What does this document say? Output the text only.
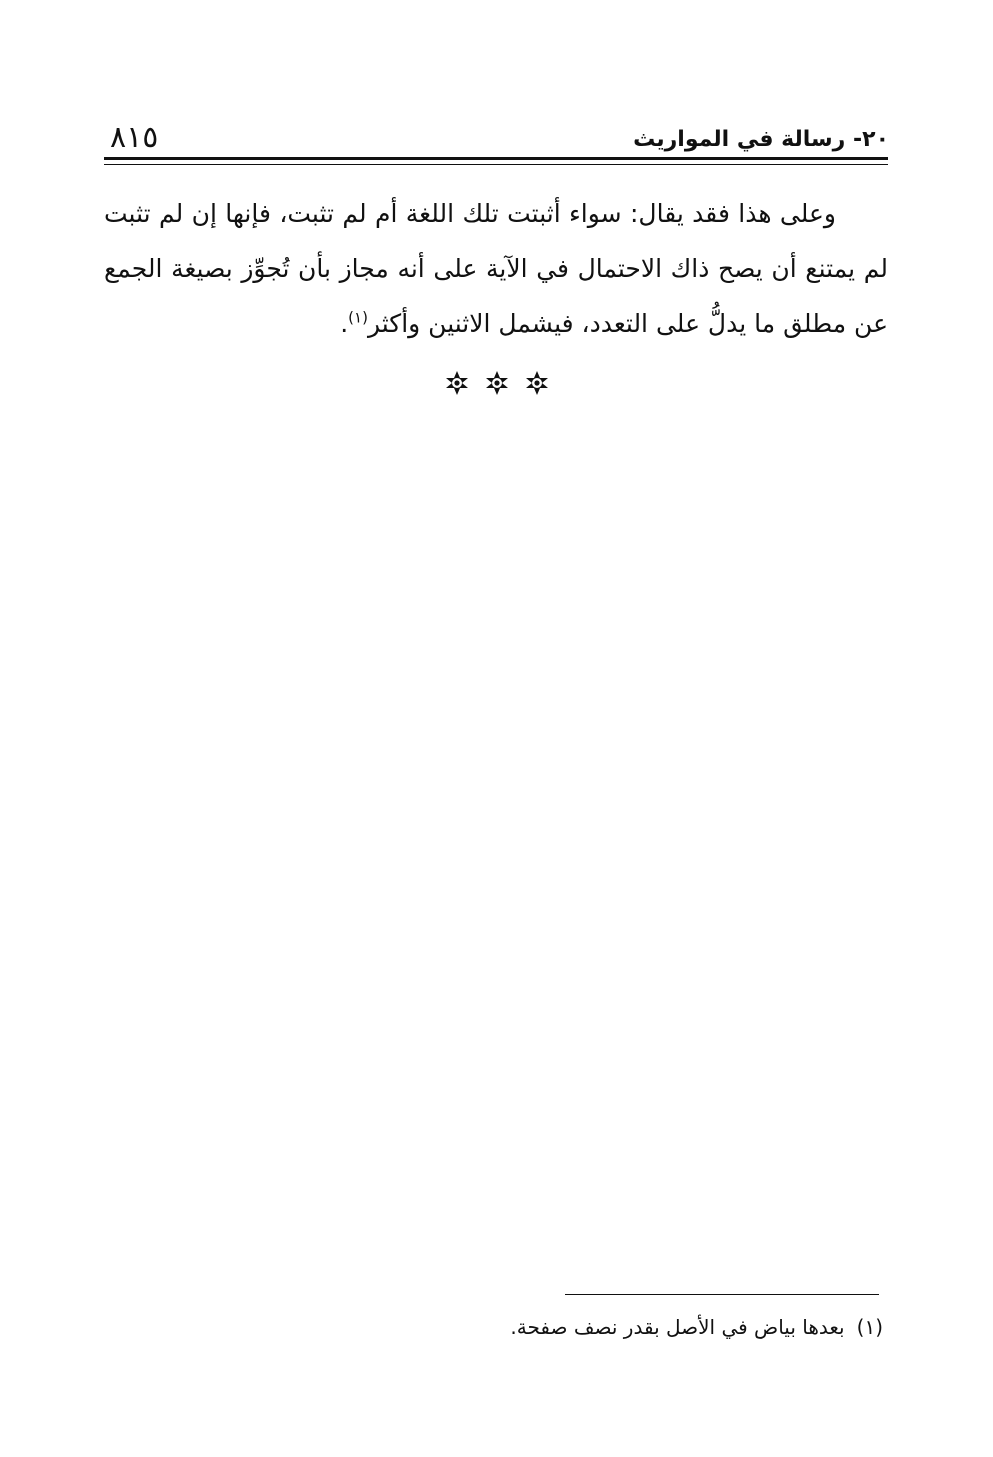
٢٠- رسالة في المواريث
٨١٥

وعلى هذا فقد يقال: سواء أثبتت تلك اللغة أم لم تثبت، فإنها إن لم تثبت لم يمتنع أن يصح ذاك الاحتمال في الآية على أنه مجاز بأن تُجوِّز بصيغة الجمع عن مطلق ما يدلُّ على التعدد، فيشمل الاثنين وأكثر$^{(١)}$.

(١)بعدها بياض في الأصل بقدر نصف صفحة.
